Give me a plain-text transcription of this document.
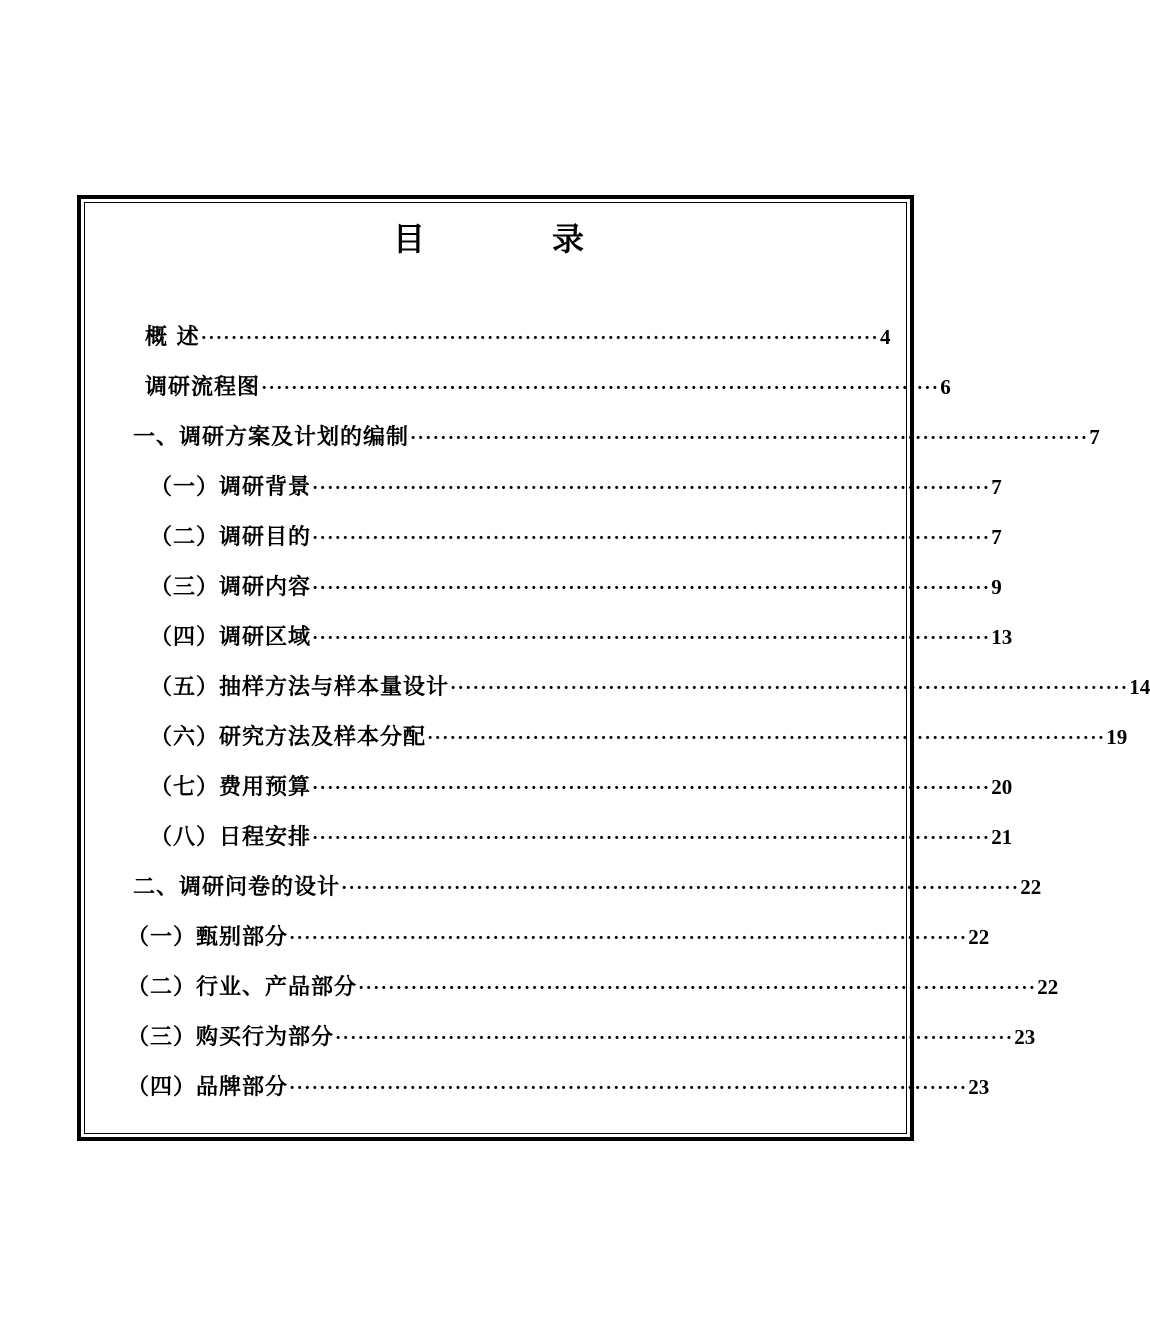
目	录
概 述 ·························································································· 4
调研流程图 ·························································································· 6
一、调研方案及计划的编制 ·························································································· 7
（一）调研背景 ·························································································· 7
（二）调研目的 ·························································································· 7
（三）调研内容 ·························································································· 9
（四）调研区域 ·························································································· 13
（五）抽样方法与样本量设计 ·························································································· 14
（六）研究方法及样本分配 ·························································································· 19
（七）费用预算 ·························································································· 20
（八）日程安排 ·························································································· 21
二、调研问卷的设计 ·························································································· 22
（一）甄别部分 ·························································································· 22
（二）行业、产品部分 ·························································································· 22
（三）购买行为部分 ·························································································· 23
（四）品牌部分 ·························································································· 23
